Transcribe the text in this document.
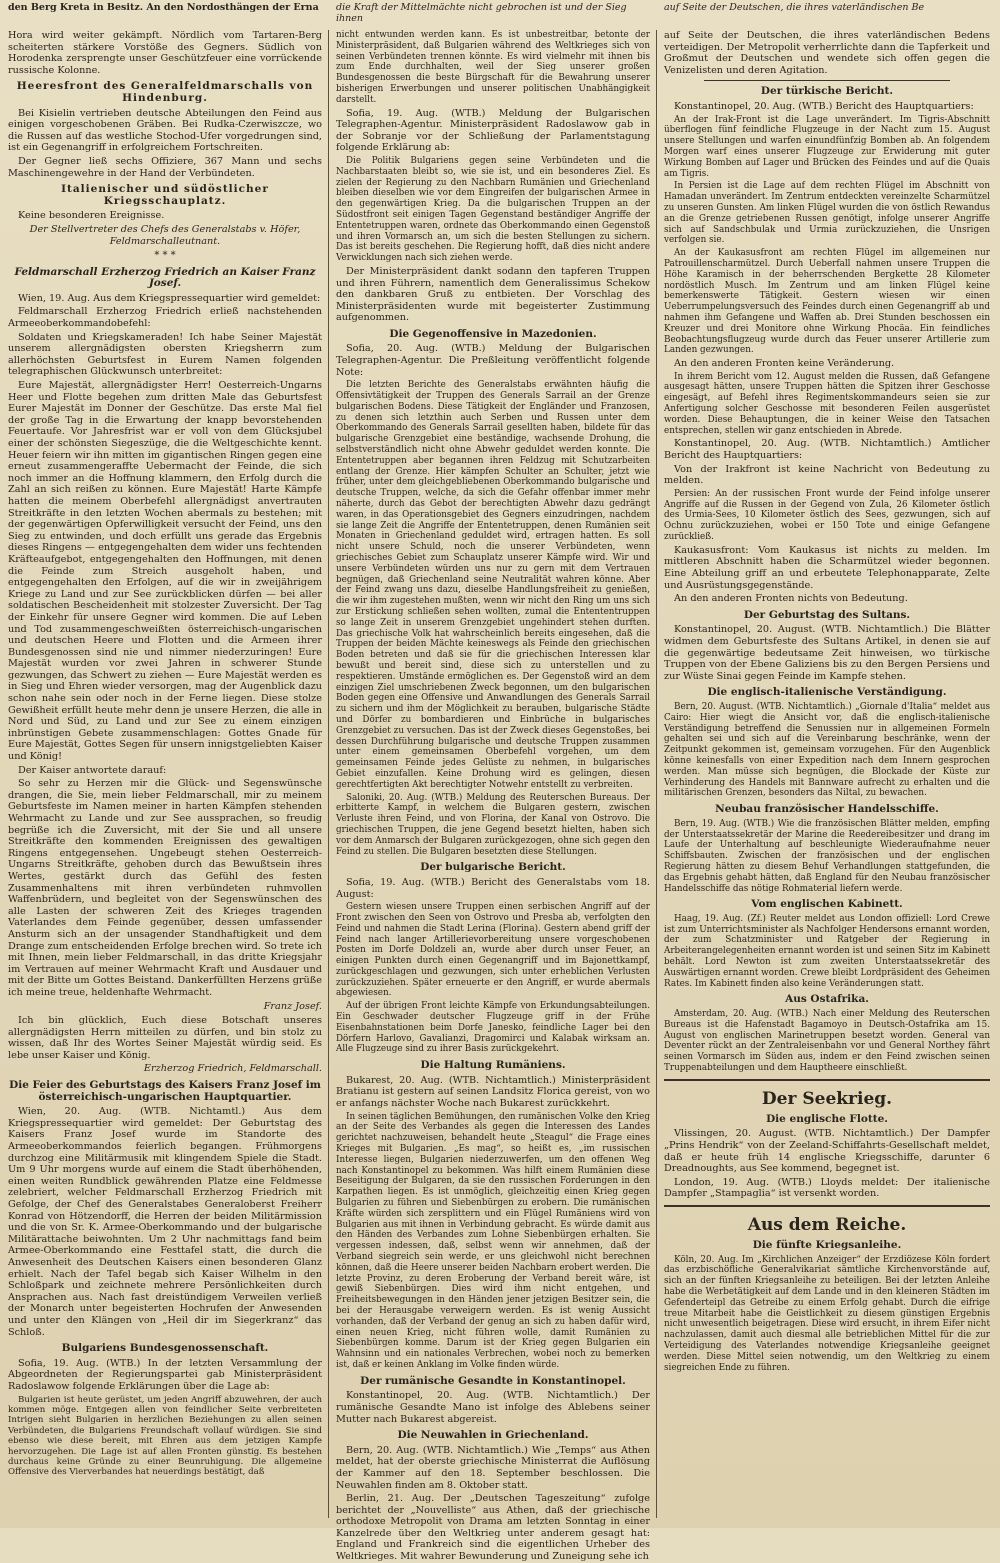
den Berg Kreta in Besitz. An den Nordosthängen der Erna	die Kraft der Mittelmächte nicht gebrochen ist und der Sieg ihnen
auf Seite der Deutschen, die ihres vaterländischen Be

Hora wird weiter gekämpft. Nördlich vom Tartaren-Berg scheiterten stärkere Vorstöße des Gegners. Südlich von Horodenka zersprengte unser Geschützfeuer eine vorrückende russische Kolonne.

Heeresfront des Generalfeldmarschalls von Hindenburg.

Bei Kisielin vertrieben deutsche Abteilungen den Feind aus einigen vorgeschobenen Gräben. Bei Rudka-Czerwiszcze, wo die Russen auf das westliche Stochod-Ufer vorgedrungen sind, ist ein Gegenangriff in erfolgreichem Fortschreiten.

Der Gegner ließ sechs Offiziere, 367 Mann und sechs Maschinengewehre in der Hand der Verbündeten.

Italienischer und südöstlicher Kriegsschauplatz.

Keine besonderen Ereignisse.

Der Stellvertreter des Chefs des Generalstabs v. Höfer, Feldmarschalleutnant.

* * *

Feldmarschall Erzherzog Friedrich an Kaiser Franz Josef.

Wien, 19. Aug. Aus dem Kriegspressequartier wird gemeldet:

Feldmarschall Erzherzog Friedrich erließ nachstehenden Armeeoberkommandobefehl:

Soldaten und Kriegskameraden! Ich habe Seiner Majestät unserem allergnädigsten obersten Kriegsherrn zum allerhöchsten Geburtsfest in Eurem Namen folgenden telegraphischen Glückwunsch unterbreitet:

Eure Majestät, allergnädigster Herr! Oesterreich-Ungarns Heer und Flotte begehen zum dritten Male das Geburtsfest Eurer Majestät im Donner der Geschütze. Das erste Mal fiel der große Tag in die Erwartung der knapp bevorstehenden Feuertaufe. Vor Jahresfrist war er voll von dem Glücksjubel einer der schönsten Siegeszüge, die die Weltgeschichte kennt. Heuer feiern wir ihn mitten im gigantischen Ringen gegen eine erneut zusammengeraffte Uebermacht der Feinde, die sich noch immer an die Hoffnung klammern, den Erfolg durch die Zahl an sich reißen zu können. Eure Majestät! Harte Kämpfe hatten die meinem Oberbefehl allergnädigst anvertrauten Streitkräfte in den letzten Wochen abermals zu bestehen; mit der gegenwärtigen Opferwilligkeit versucht der Feind, uns den Sieg zu entwinden, und doch erfüllt uns gerade das Ergebnis dieses Ringens — entgegengehalten dem wider uns fechtenden Kräfteaufgebot, entgegengehalten den Hoffnungen, mit denen die Feinde zum Streich ausgeholt haben, und entgegengehalten den Erfolgen, auf die wir in zweijährigem Kriege zu Land und zur See zurückblicken dürfen — bei aller soldatischen Bescheidenheit mit stolzester Zuversicht. Der Tag der Einkehr für unsere Gegner wird kommen. Die auf Leben und Tod zusammengeschweißten österreichisch-ungarischen und deutschen Heere und Flotten und die Armeen ihrer Bundesgenossen sind nie und nimmer niederzuringen! Eure Majestät wurden vor zwei Jahren in schwerer Stunde gezwungen, das Schwert zu ziehen — Eure Majestät werden es in Sieg und Ehren wieder versorgen, mag der Augenblick dazu schon nahe sein oder noch in der Ferne liegen. Diese stolze Gewißheit erfüllt heute mehr denn je unsere Herzen, die alle in Nord und Süd, zu Land und zur See zu einem einzigen inbrünstigen Gebete zusammenschlagen: Gottes Gnade für Eure Majestät, Gottes Segen für unsern innigstgeliebten Kaiser und König!

Der Kaiser antwortete darauf:

So sehr zu Herzen mir die Glück- und Segenswünsche drangen, die Sie, mein lieber Feldmarschall, mir zu meinem Geburtsfeste im Namen meiner in harten Kämpfen stehenden Wehrmacht zu Lande und zur See aussprachen, so freudig begrüße ich die Zuversicht, mit der Sie und all unsere Streitkräfte den kommenden Ereignissen des gewaltigen Ringens entgegensehen. Ungebeugt stehen Oesterreich-Ungarns Streitkräfte, gehoben durch das Bewußtsein ihres Wertes, gestärkt durch das Gefühl des festen Zusammenhaltens mit ihren verbündeten ruhmvollen Waffenbrüdern, und begleitet von der Segenswünschen des alle Lasten der schweren Zeit des Krieges tragenden Vaterlandes dem Feinde gegenüber, dessen umfassender Ansturm sich an der unsagender Standhaftigkeit und dem Drange zum entscheidenden Erfolge brechen wird. So trete ich mit Ihnen, mein lieber Feldmarschall, in das dritte Kriegsjahr im Vertrauen auf meiner Wehrmacht Kraft und Ausdauer und mit der Bitte um Gottes Beistand. Dankerfüllten Herzens grüße ich meine treue, heldenhafte Wehrmacht.

Franz Josef.

Ich bin glücklich, Euch diese Botschaft unseres allergnädigsten Herrn mitteilen zu dürfen, und bin stolz zu wissen, daß Ihr des Wortes Seiner Majestät würdig seid. Es lebe unser Kaiser und König.

Erzherzog Friedrich, Feldmarschall.

Die Feier des Geburtstags des Kaisers Franz Josef im österreichisch-ungarischen Hauptquartier.

Wien, 20. Aug. (WTB. Nichtamtl.) Aus dem Kriegspressequartier wird gemeldet: Der Geburtstag des Kaisers Franz Josef wurde im Standorte des Armeeoberkommandos feierlich begangen. Frühmorgens durchzog eine Militärmusik mit klingendem Spiele die Stadt. Um 9 Uhr morgens wurde auf einem die Stadt überhöhenden, einen weiten Rundblick gewährenden Platze eine Feldmesse zelebriert, welcher Feldmarschall Erzherzog Friedrich mit Gefolge, der Chef des Generalstabes Generaloberst Freiherr Konrad von Hötzendorff, die Herren der beiden Militärmission und die von Sr. K. Armee-Oberkommando und der bulgarische Militärattache beiwohnten. Um 2 Uhr nachmittags fand beim Armee-Oberkommando eine Festtafel statt, die durch die Anwesenheit des Deutschen Kaisers einen besonderen Glanz erhielt. Nach der Tafel begab sich Kaiser Wilhelm in den Schloßpark und zeichnete mehrere Persönlichkeiten durch Ansprachen aus. Nach fast dreistündigem Verweilen verließ der Monarch unter begeisterten Hochrufen der Anwesenden und unter den Klängen von „Heil dir im Siegerkranz“ das Schloß.

Bulgariens Bundesgenossenschaft.

Sofia, 19. Aug. (WTB.) In der letzten Versammlung der Abgeordneten der Regierungspartei gab Ministerpräsident Radoslawow folgende Erklärungen über die Lage ab:

Bulgarien ist heute gerüstet, um jeden Angriff abzuwehren, der auch kommen möge. Entgegen allen von feindlicher Seite verbreiteten Intrigen sieht Bulgarien in herzlichen Beziehungen zu allen seinen Verbündeten, die Bulgariens Freundschaft vollauf würdigen. Sie sind ebenso wie diese bereit, mit Ehren aus dem jetzigen Kampfe hervorzugehen. Die Lage ist auf allen Fronten günstig. Es bestehen durchaus keine Gründe zu einer Beunruhigung. Die allgemeine Offensive des Vierverbandes hat neuerdings bestätigt, daß

nicht entwunden werden kann. Es ist unbestreitbar, betonte der Ministerpräsident, daß Bulgarien während des Weltkrieges sich von seinen Verbündeten trennen könnte. Es wird vielmehr mit ihnen bis zum Ende durchhalten, weil der Sieg unserer großen Bundesgenossen die beste Bürgschaft für die Bewahrung unserer bisherigen Erwerbungen und unserer politischen Unabhängigkeit darstellt.

Sofia, 19. Aug. (WTB.) Meldung der Bulgarischen Telegraphen-Agentur. Ministerpräsident Radoslawow gab in der Sobranje vor der Schließung der Parlamentstagung folgende Erklärung ab:

Die Politik Bulgariens gegen seine Verbündeten und die Nachbarstaaten bleibt so, wie sie ist, und ein besonderes Ziel. Es zielen der Regierung zu den Nachbarn Rumänien und Griechenland bleiben dieselben wie vor dem Eingreifen der bulgarischen Armee in den gegenwärtigen Krieg. Da die bulgarischen Truppen an der Südostfront seit einigen Tagen Gegenstand beständiger Angriffe der Ententetruppen waren, ordnete das Oberkommando einen Gegenstoß und ihren Vormarsch an, um sich die besten Stellungen zu sichern. Das ist bereits geschehen. Die Regierung hofft, daß dies nicht andere Verwicklungen nach sich ziehen werde.

Der Ministerpräsident dankt sodann den tapferen Truppen und ihren Führern, namentlich dem Generalissimus Schekow den dankbaren Gruß zu entbieten. Der Vorschlag des Ministerpräsidenten wurde mit begeisterter Zustimmung aufgenommen.

Die Gegenoffensive in Mazedonien.

Sofia, 20. Aug. (WTB.) Meldung der Bulgarischen Telegraphen-Agentur. Die Preßleitung veröffentlicht folgende Note:

Die letzten Berichte des Generalstabs erwähnten häufig die Offensivtätigkeit der Truppen des Generals Sarrail an der Grenze bulgarischen Bodens. Diese Tätigkeit der Engländer und Franzosen, zu denen sich letzthin auch Serben und Russen unter dem Oberkommando des Generals Sarrail gesellten haben, bildete für das bulgarische Grenzgebiet eine beständige, wachsende Drohung, die selbstverständlich nicht ohne Abwehr geduldet werden konnte. Die Ententetruppen aber begannen ihren Feldzug mit Schutzarbeiten entlang der Grenze. Hier kämpfen Schulter an Schulter, jetzt wie früher, unter dem gleichgebliebenen Oberkommando bulgarische und deutsche Truppen, welche, da sich die Gefahr offenbar immer mehr näherte, durch das Gebot der berechtigten Abwehr dazu gedrängt waren, in das Operationsgebiet des Gegners einzudringen, nachdem sie lange Zeit die Angriffe der Ententetruppen, denen Rumänien seit Monaten in Griechenland geduldet wird, ertragen hatten. Es soll nicht unsere Schuld, noch die unserer Verbündeten, wenn griechisches Gebiet zum Schauplatz unserer Kämpfe wird. Wir und unsere Verbündeten würden uns nur zu gern mit dem Vertrauen begnügen, daß Griechenland seine Neutralität wahren könne. Aber der Feind zwang uns dazu, dieselbe Handlungsfreiheit zu genießen, die wir ihm zugestehen mußten, wenn wir nicht den Ring um uns sich zur Erstickung schließen sehen wollten, zumal die Entententruppen so lange Zeit in unserem Grenzgebiet ungehindert stehen durften. Das griechische Volk hat wahrscheinlich bereits eingesehen, daß die Truppen der beiden Mächte keineswegs als Feinde den griechischen Boden betreten und daß sie für die griechischen Interessen klar bewußt und bereit sind, diese sich zu unterstellen und zu respektieren. Umstände ermöglichen es. Der Gegenstoß wird an dem einzigen Ziel umschriebenen Zweck begonnen, um den bulgarischen Boden gegen eine Offensive und Anwandlungen des Generals Sarrail zu sichern und ihm der Möglichkeit zu berauben, bulgarische Städte und Dörfer zu bombardieren und Einbrüche in bulgarisches Grenzgebiet zu versuchen. Das ist der Zweck dieses Gegenstoßes, bei dessen Durchführung bulgarische und deutsche Truppen zusammen unter einem gemeinsamen Oberbefehl vorgehen, um dem gemeinsamen Feinde jedes Gelüste zu nehmen, in bulgarisches Gebiet einzufallen. Keine Drohung wird es gelingen, diesen gerechtfertigten Akt berechtigter Notwehr entstellt zu verbreiten.

Saloniki, 20. Aug. (WTB.) Meldung des Reuterschen Bureaus. Der erbitterte Kampf, in welchem die Bulgaren gestern, zwischen Verluste ihren Feind, und von Florina, der Kanal von Ostrovo. Die griechischen Truppen, die jene Gegend besetzt hielten, haben sich vor dem Anmarsch der Bulgaren zurückgezogen, ohne sich gegen den Feind zu stellen. Die Bulgaren besetzten diese Stellungen.

Der bulgarische Bericht.

Sofia, 19. Aug. (WTB.) Bericht des Generalstabs vom 18. August:

Gestern wiesen unsere Truppen einen serbischen Angriff auf der Front zwischen den Seen von Ostrovo und Presba ab, verfolgten den Feind und nahmen die Stadt Lerina (Florina). Gestern abend griff der Feind nach langer Artillerievorbereitung unsere vorgeschobenen Posten im Dorfe Doldzeli an, wurde aber durch unser Feuer, an einigen Punkten durch einen Gegenangriff und im Bajonettkampf, zurückgeschlagen und gezwungen, sich unter erheblichen Verlusten zurückzuziehen. Später erneuerte er den Angriff, er wurde abermals abgewiesen.

Auf der übrigen Front leichte Kämpfe von Erkundungsabteilungen. Ein Geschwader deutscher Flugzeuge griff in der Frühe Eisenbahnstationen beim Dorfe Janesko, feindliche Lager bei den Dörfern Harlovo, Gavalianzi, Dragomirci und Kalabak wirksam an. Alle Flugzeuge sind zu ihrer Basis zurückgekehrt.

Die Haltung Rumäniens.

Bukarest, 20. Aug. (WTB. Nichtamtlich.) Ministerpräsident Bratianu ist gestern auf seinen Landsitz Florica gereist, von wo er anfangs nächster Woche nach Bukarest zurückkehrt.

In seinen täglichen Bemühungen, den rumänischen Volke den Krieg an der Seite des Verbandes als gegen die Interessen des Landes gerichtet nachzuweisen, behandelt heute „Steagul“ die Frage eines Krieges mit Bulgarien. „Es mag“, so heißt es, „im russischen Interesse liegen, Bulgarien niederzuwerfen, um den offenen Weg nach Konstantinopel zu bekommen. Was hilft einem Rumänien diese Beseitigung der Bulgaren, da sie den russischen Forderungen in den Karpathen liegen. Es ist unmöglich, gleichzeitig einen Krieg gegen Bulgarien zu führen und Siebenbürgen zu erobern. Die rumänischen Kräfte würden sich zersplittern und ein Flügel Rumäniens wird von Bulgarien aus mit ihnen in Verbindung gebracht. Es würde damit aus den Händen des Verbandes zum Lohne Siebenbürgen erhalten. Sie vergessen indessen, daß, selbst wenn wir annehmen, daß der Verband siegreich sein werde, er uns gleichwohl nicht berechnen können, daß die Heere unserer beiden Nachbarn erobert werden. Die letzte Provinz, zu deren Eroberung der Verband bereit wäre, ist gewiß Siebenbürgen. Dies wird ihm nicht entgehen, und Freiheitsbewegungen in den Händen jener jetzigen Besitzer sein, die bei der Herausgabe verweigern werden. Es ist wenig Aussicht vorhanden, daß der Verband der genug an sich zu haben dafür wird, einen neuen Krieg, nicht führen wolle, damit Rumänien zu Siebenbürgen komme. Darum ist der Krieg gegen Bulgarien ein Wahnsinn und ein nationales Verbrechen, wobei noch zu bemerken ist, daß er keinen Anklang im Volke finden würde.

Der rumänische Gesandte in Konstantinopel.

Konstantinopel, 20. Aug. (WTB. Nichtamtlich.) Der rumänische Gesandte Mano ist infolge des Ablebens seiner Mutter nach Bukarest abgereist.

Die Neuwahlen in Griechenland.

Bern, 20. Aug. (WTB. Nichtamtlich.) Wie „Temps“ aus Athen meldet, hat der oberste griechische Ministerrat die Auflösung der Kammer auf den 18. September beschlossen. Die Neuwahlen finden am 8. Oktober statt.

Berlin, 21. Aug. Der „Deutschen Tageszeitung“ zufolge berichtet der „Nouvelliste“ aus Athen, daß der griechische orthodoxe Metropolit von Drama am letzten Sonntag in einer Kanzelrede über den Weltkrieg unter anderem gesagt hat: England und Frankreich sind die eigentlichen Urheber des Weltkrieges. Mit wahrer Bewunderung und Zuneigung sehe ich

auf Seite der Deutschen, die ihres vaterländischen Bedens verteidigen. Der Metropolit verherrlichte dann die Tapferkeit und Großmut der Deutschen und wendete sich offen gegen die Venizelisten und deren Agitation.

Der türkische Bericht.

Konstantinopel, 20. Aug. (WTB.) Bericht des Hauptquartiers:

An der Irak-Front ist die Lage unverändert. Im Tigris-Abschnitt überflogen fünf feindliche Flugzeuge in der Nacht zum 15. August unsere Stellungen und warfen einundfünfzig Bomben ab. An folgendem Morgen warf eines unserer Flugzeuge zur Erwiderung mit guter Wirkung Bomben auf Lager und Brücken des Feindes und auf die Quais am Tigris.

In Persien ist die Lage auf dem rechten Flügel im Abschnitt von Hamadan unverändert. Im Zentrum entdeckten vereinzelte Scharmützel zu unseren Gunsten. Am linken Flügel wurden die von östlich Rewandus an die Grenze getriebenen Russen genötigt, infolge unserer Angriffe sich auf Sandschbulak und Urmia zurückzuziehen, die Unsrigen verfolgen sie.

An der Kaukasusfront am rechten Flügel im allgemeinen nur Patrouillenscharmützel. Durch Ueberfall nahmen unsere Truppen die Höhe Karamisch in der beherrschenden Bergkette 28 Kilometer nordöstlich Musch. Im Zentrum und am linken Flügel keine bemerkenswerte Tätigkeit. Gestern wiesen wir einen Ueberrumpelungsversuch des Feindes durch einen Gegenangriff ab und nahmen ihm Gefangene und Waffen ab. Drei Stunden beschossen ein Kreuzer und drei Monitore ohne Wirkung Phocäa. Ein feindliches Beobachtungsflugzeug wurde durch das Feuer unserer Artillerie zum Landen gezwungen.

An den anderen Fronten keine Veränderung.

In ihrem Bericht vom 12. August melden die Russen, daß Gefangene ausgesagt hätten, unsere Truppen hätten die Spitzen ihrer Geschosse eingesägt, auf Befehl ihres Regimentskommandeurs seien sie zur Anfertigung solcher Geschosse mit besonderen Feilen ausgerüstet worden. Diese Behauptungen, die in keiner Weise den Tatsachen entsprechen, stellen wir ganz entschieden in Abrede.

Konstantinopel, 20. Aug. (WTB. Nichtamtlich.) Amtlicher Bericht des Hauptquartiers:

Von der Irakfront ist keine Nachricht von Bedeutung zu melden.

Persien: An der russischen Front wurde der Feind infolge unserer Angriffe auf die Russen in der Gegend von Zula, 26 Kilometer östlich des Urmia-Sees, 10 Kilometer östlich des Sees, gezwungen, sich auf Ochnu zurückzuziehen, wobei er 150 Tote und einige Gefangene zurückließ.

Kaukasusfront: Vom Kaukasus ist nichts zu melden. Im mittleren Abschnitt haben die Scharmützel wieder begonnen. Eine Abteilung griff an und erbeutete Telephonapparate, Zelte und Ausrüstungsgegenstände.

An den anderen Fronten nichts von Bedeutung.

Der Geburtstag des Sultans.

Konstantinopel, 20. August. (WTB. Nichtamtlich.) Die Blätter widmen dem Geburtsfeste des Sultans Artikel, in denen sie auf die gegenwärtige bedeutsame Zeit hinweisen, wo türkische Truppen von der Ebene Galiziens bis zu den Bergen Persiens und zur Wüste Sinai gegen Feinde im Kampfe stehen.

Die englisch-italienische Verständigung.

Bern, 20. August. (WTB. Nichtamtlich.) „Giornale d'Italia“ meldet aus Cairo: Hier wiegt die Ansicht vor, daß die englisch-italienische Verständigung betreffend die Senussien nur in allgemeinen Formeln gehalten sei und sich auf die Vereinbarung beschränke, wenn der Zeitpunkt gekommen ist, gemeinsam vorzugehen. Für den Augenblick könne keinesfalls von einer Expedition nach dem Innern gesprochen werden. Man müsse sich begnügen, die Blockade der Küste zur Verhinderung des Handels mit Bannware aufrecht zu erhalten und die militärischen Grenzen, besonders das Niltal, zu bewachen.

Neubau französischer Handelsschiffe.

Bern, 19. Aug. (WTB.) Wie die französischen Blätter melden, empfing der Unterstaatssekretär der Marine die Reedereibesitzer und drang im Laufe der Unterhaltung auf beschleunigte Wiederaufnahme neuer Schiffsbauten. Zwischen der französischen und der englischen Regierung hätten zu diesem Behuf Verhandlungen stattgefunden, die das Ergebnis gehabt hätten, daß England für den Neubau französischer Handelsschiffe das nötige Rohmaterial liefern werde.

Vom englischen Kabinett.

Haag, 19. Aug. (Zf.) Reuter meldet aus London offiziell: Lord Crewe ist zum Unterrichtsminister als Nachfolger Hendersons ernannt worden, der zum Schatzminister und Ratgeber der Regierung in Arbeiterangelegenheiten ernannt worden ist und seinen Sitz im Kabinett behält. Lord Newton ist zum zweiten Unterstaatssekretär des Auswärtigen ernannt worden. Crewe bleibt Lordpräsident des Geheimen Rates. Im Kabinett finden also keine Veränderungen statt.

Aus Ostafrika.

Amsterdam, 20. Aug. (WTB.) Nach einer Meldung des Reuterschen Bureaus ist die Hafenstadt Bagamoyo in Deutsch-Ostafrika am 15. August von englischen Marinetruppen besetzt worden. General van Deventer rückt an der Zentraleisenbahn vor und General Northey fährt seinen Vormarsch im Süden aus, indem er den Feind zwischen seinen Truppenabteilungen und dem Hauptheere einschließt.

Der Seekrieg.

Die englische Flotte.

Vlissingen, 20. August. (WTB. Nichtamtlich.) Der Dampfer „Prins Hendrik“ von der Zeeland-Schiffahrts-Gesellschaft meldet, daß er heute früh 14 englische Kriegsschiffe, darunter 6 Dreadnoughts, aus See kommend, begegnet ist.

London, 19. Aug. (WTB.) Lloyds meldet: Der italienische Dampfer „Stampaglia“ ist versenkt worden.

Aus dem Reiche.

Die fünfte Kriegsanleihe.

Köln, 20. Aug. Im „Kirchlichen Anzeiger“ der Erzdiözese Köln fordert das erzbischöfliche Generalvikariat sämtliche Kirchenvorstände auf, sich an der fünften Kriegsanleihe zu beteiligen. Bei der letzten Anleihe habe die Werbetätigkeit auf dem Lande und in den kleineren Städten im Gefenderteipl das Getreibe zu einem Erfolg gehabt. Durch die eifrige treue Mitarbeit habe die Geistlichkeit zu diesem günstigen Ergebnis nicht unwesentlich beigetragen. Diese wird ersucht, in ihrem Eifer nicht nachzulassen, damit auch diesmal alle betrieblichen Mittel für die zur Verteidigung des Vaterlandes notwendige Kriegsanleihe geeignet werden. Diese Mittel seien notwendig, um den Weltkrieg zu einem siegreichen Ende zu führen.
